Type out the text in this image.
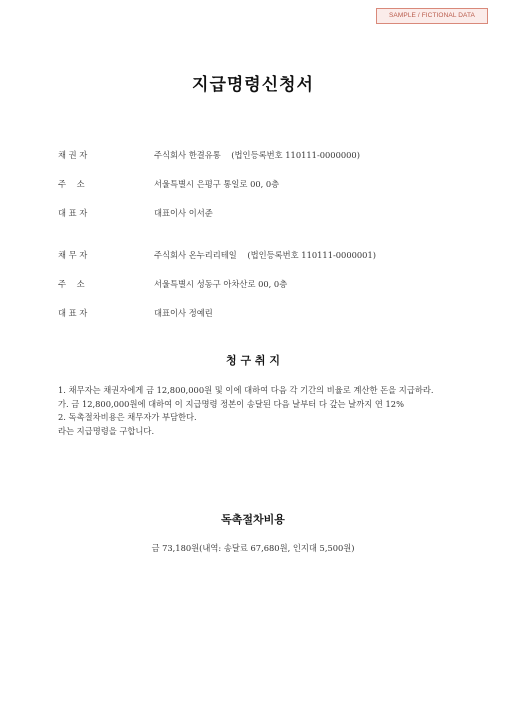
SAMPLE / FICTIONAL DATA
지급명령신청서
채 권 자	주식회사 한결유통    (법인등록번호 110111-0000000)
주    소	서울특별시 은평구 통일로 00, 0층
대 표 자	대표이사 이서준
채 무 자	주식회사 온누리리테일    (법인등록번호 110111-0000001)
주    소	서울특별시 성동구 아차산로 00, 0층
대 표 자	대표이사 정예린
청 구 취 지

1. 채무자는 채권자에게 금 12,800,000원 및 이에 대하여 다음 각 기간의 비율로 계산한 돈을 지급하라.

가. 금 12,800,000원에 대하여 이 지급명령 정본이 송달된 다음 날부터 다 갚는 날까지 연 12%

2. 독촉절차비용은 채무자가 부담한다.

라는 지급명령을 구합니다.

독촉절차비용
금 73,180원(내역: 송달료 67,680원, 인지대 5,500원)
